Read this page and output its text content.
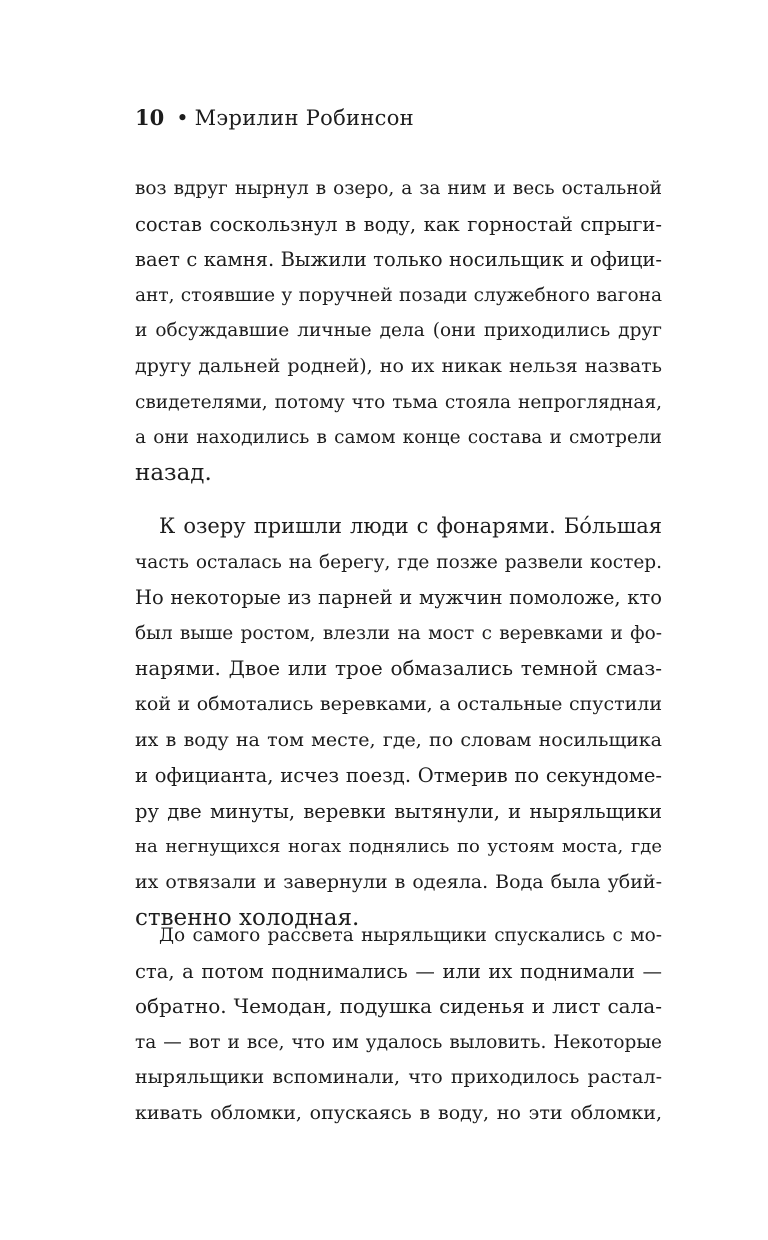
10 • Мэрилин Робинсон
воз вдруг нырнул в озеро, а за ним и весь остальной
состав соскользнул в воду, как горностай спрыги-
вает с камня. Выжили только носильщик и офици-
ант, стоявшие у поручней позади служебного вагона
и обсуждавшие личные дела (они приходились друг
другу дальней родней), но их никак нельзя назвать
свидетелями, потому что тьма стояла непроглядная,
а они находились в самом конце состава и смотрели
назад.
К озеру пришли люди с фонарями. Бóльшая
часть осталась на берегу, где позже развели костер.
Но некоторые из парней и мужчин помоложе, кто
был выше ростом, влезли на мост с веревками и фо-
нарями. Двое или трое обмазались темной смаз-
кой и обмотались веревками, а остальные спустили
их в воду на том месте, где, по словам носильщика
и официанта, исчез поезд. Отмерив по секундоме-
ру две минуты, веревки вытянули, и ныряльщики
на негнущихся ногах поднялись по устоям моста, где
их отвязали и завернули в одеяла. Вода была убий-
ственно холодная.
До самого рассвета ныряльщики спускались с мо-
ста, а потом поднимались — или их поднимали —
обратно. Чемодан, подушка сиденья и лист сала-
та — вот и все, что им удалось выловить. Некоторые
ныряльщики вспоминали, что приходилось растал-
кивать обломки, опускаясь в воду, но эти обломки,
